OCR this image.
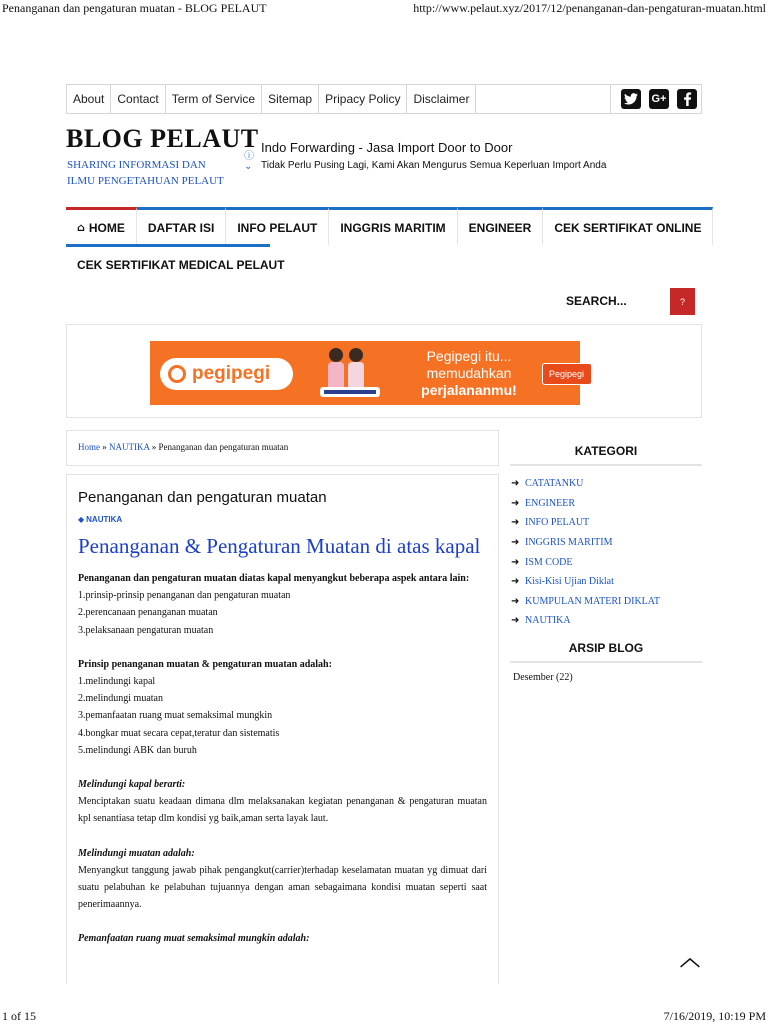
Penanganan dan pengaturan muatan - BLOG PELAUT	http://www.pelaut.xyz/2017/12/penanganan-dan-pengaturan-muatan.html
About	Contact	Term of Service	Sitemap	Pripacy Policy	Disclaimer	G+
BLOG PELAUT
SHARING INFORMASI DAN
ILMU PENGETAHUAN PELAUT
ⓘ
⌄
Indo Forwarding - Jasa Import Door to Door
Tidak Perlu Pusing Lagi, Kami Akan Mengurus Semua Keperluan Import Anda
⌂ HOME	DAFTAR ISI	INFO PELAUT	INGGRIS MARITIM	ENGINEER	CEK SERTIFIKAT ONLINE
CEK SERTIFIKAT MEDICAL PELAUT
SEARCH...	?
pegipegi
Pegipegi itu...
memudahkan
perjalananmu!
Pegipegi
Home » NAUTIKA » Penanganan dan pengaturan muatan
Penanganan dan pengaturan muatan
◆ NAUTIKA
Penanganan & Pengaturan Muatan di atas kapal

Penanganan dan pengaturan muatan diatas kapal menyangkut beberapa aspek antara lain:
1.prinsip-prinsip penanganan dan pengaturan muatan
2.perencanaan penanganan muatan
3.pelaksanaan pengaturan muatan

Prinsip penanganan muatan & pengaturan muatan adalah:
1.melindungi kapal
2.melindungi muatan
3.pemanfaatan ruang muat semaksimal mungkin
4.bongkar muat secara cepat,teratur dan sistematis
5.melindungi ABK dan buruh

Melindungi kapal berarti:
Menciptakan suatu keadaan dimana dlm melaksanakan kegiatan penanganan & pengaturan muatan kpl senantiasa tetap dlm kondisi yg baik,aman serta layak laut.

Melindungi muatan adalah:
Menyangkut tanggung jawab pihak pengangkut(carrier)terhadap keselamatan muatan yg dimuat dari suatu pelabuhan ke pelabuhan tujuannya dengan aman sebagaimana kondisi muatan seperti saat penerimaannya.

Pemanfaatan ruang muat semaksimal mungkin adalah:

KATEGORI
➜ CATATANKU
➜ ENGINEER
➜ INFO PELAUT
➜ INGGRIS MARITIM
➜ ISM CODE
➜ Kisi-Kisi Ujian Diklat
➜ KUMPULAN MATERI DIKLAT
➜ NAUTIKA
ARSIP BLOG
Desember (22)
︿
1 of 15	7/16/2019, 10:19 PM
